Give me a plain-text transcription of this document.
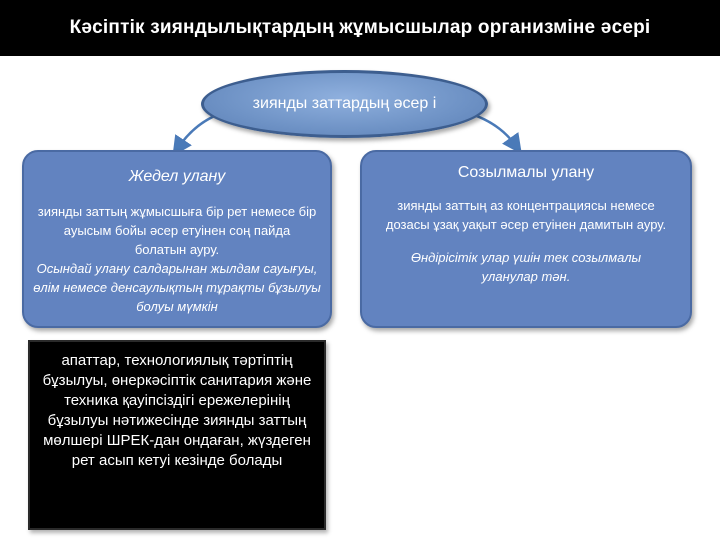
Кәсіптік зияндылықтардың жұмысшылар организміне әсері
зиянды заттардың әсер і
Жедел улану
зиянды заттың жұмысшыға бір рет немесе бір ауысым бойы әсер етуінен соң пайда болатын ауру.
Осындай улану салдарынан жылдам сауығуы, өлім немесе денсаулықтың тұрақты бұзылуы болуы мүмкін
Созылмалы улану
зиянды заттың аз концентрациясы немесе дозасы ұзақ уақыт әсер етуінен дамитын ауру.
Өндірісітік улар үшін тек созылмалы уланулар тән.
апаттар, технологиялық тәртіптің бұзылуы, өнеркәсіптік санитария және техника қауіпсіздігі ережелерінің бұзылуы нәтижесінде зиянды заттың мөлшері ШРЕК-дан ондаған, жүздеген рет асып кетуі кезінде болады
